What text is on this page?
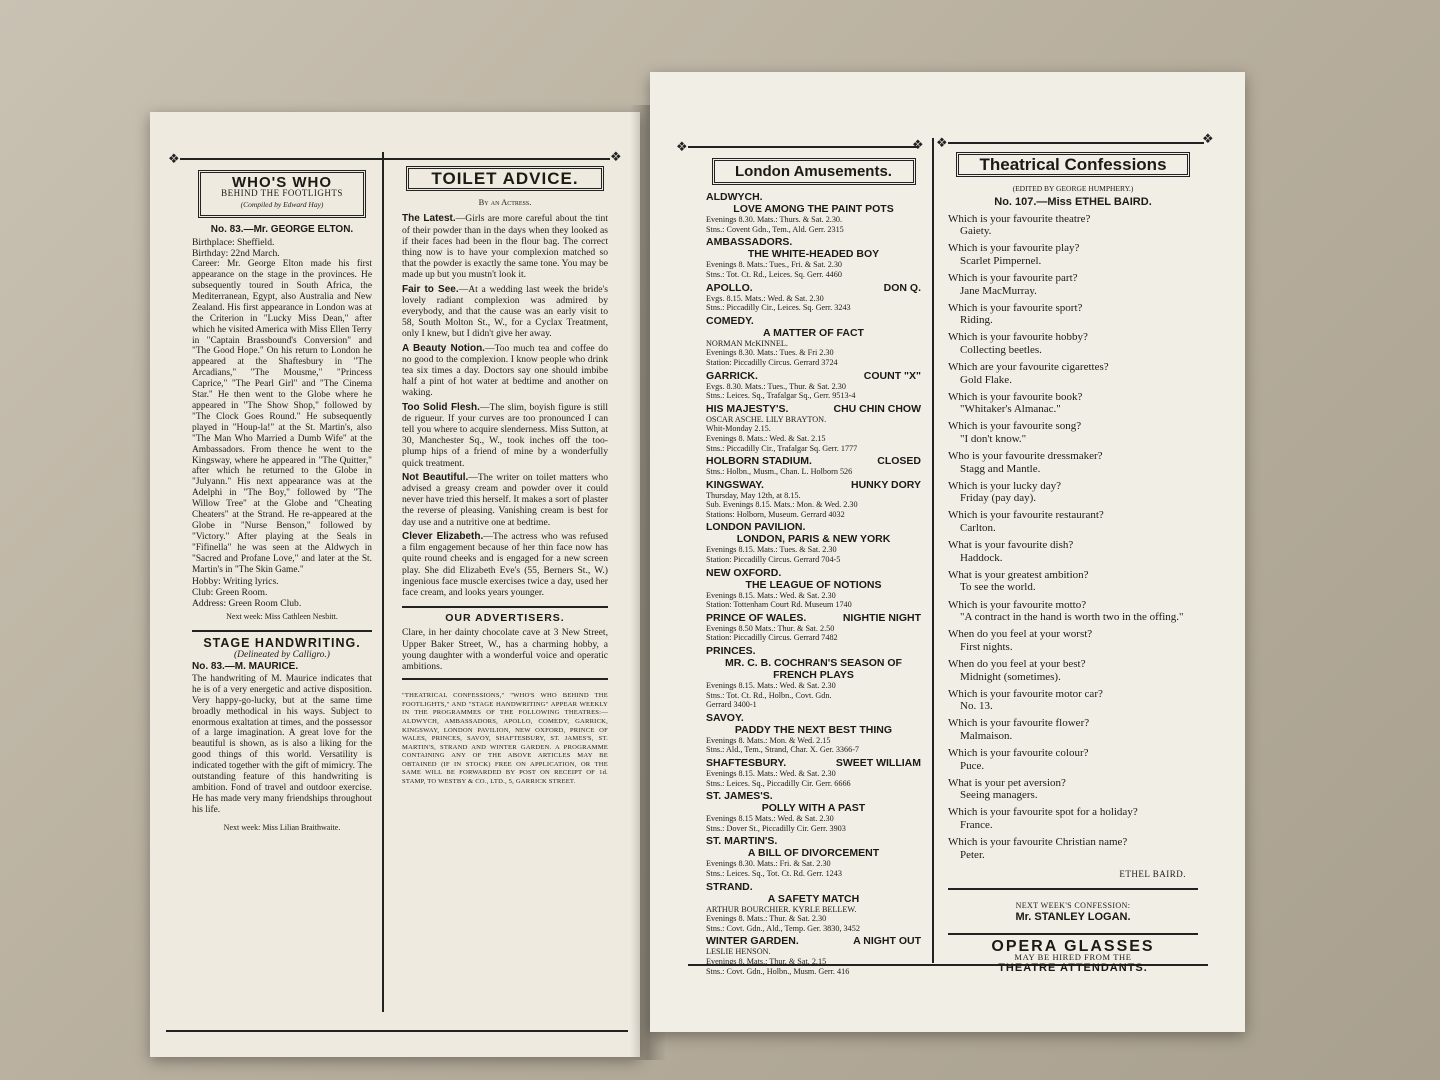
❖	❖
WHO'S WHO
BEHIND THE FOOTLIGHTS
(Compiled by Edward Hay)
No. 83.—Mr. GEORGE ELTON.

Birthplace: Sheffield.

Birthday: 22nd March.

Career: Mr. George Elton made his first appearance on the stage in the provinces. He subsequently toured in South Africa, the Mediterranean, Egypt, also Australia and New Zealand. His first appearance in London was at the Criterion in "Lucky Miss Dean," after which he visited America with Miss Ellen Terry in "Captain Brassbound's Conversion" and "The Good Hope." On his return to London he appeared at the Shaftesbury in "The Arcadians," "The Mousme," "Princess Caprice," "The Pearl Girl" and "The Cinema Star." He then went to the Globe where he appeared in "The Show Shop," followed by "The Clock Goes Round." He subsequently played in "Houp-la!" at the St. Martin's, also "The Man Who Married a Dumb Wife" at the Ambassadors. From thence he went to the Kingsway, where he appeared in "The Quitter," after which he returned to the Globe in "Julyann." His next appearance was at the Adelphi in "The Boy," followed by "The Willow Tree" at the Globe and "Cheating Cheaters" at the Strand. He re-appeared at the Globe in "Nurse Benson," followed by "Victory." After playing at the Seals in "Fifinella" he was seen at the Aldwych in "Sacred and Profane Love," and later at the St. Martin's in "The Skin Game."

Hobby: Writing lyrics.

Club: Green Room.

Address: Green Room Club.

Next week: Miss Cathleen Nesbitt.

STAGE HANDWRITING.
(Delineated by Calligro.)
No. 83.—M. MAURICE.

The handwriting of M. Maurice indicates that he is of a very energetic and active disposition. Very happy-go-lucky, but at the same time broadly methodical in his ways. Subject to enormous exaltation at times, and the possessor of a large imagination. A great love for the beautiful is shown, as is also a liking for the good things of this world. Versatility is indicated together with the gift of mimicry. The outstanding feature of this handwriting is ambition. Fond of travel and outdoor exercise. He has made very many friendships throughout his life.

Next week: Miss Lilian Braithwaite.

TOILET ADVICE.
By an Actress.

The Latest.—Girls are more careful about the tint of their powder than in the days when they looked as if their faces had been in the flour bag. The correct thing now is to have your complexion matched so that the powder is exactly the same tone. You may be made up but you mustn't look it.

Fair to See.—At a wedding last week the bride's lovely radiant complexion was admired by everybody, and that the cause was an early visit to 58, South Molton St., W., for a Cyclax Treatment, only I knew, but I didn't give her away.

A Beauty Notion.—Too much tea and coffee do no good to the complexion. I know people who drink tea six times a day. Doctors say one should imbibe half a pint of hot water at bedtime and another on waking.

Too Solid Flesh.—The slim, boyish figure is still de rigueur. If your curves are too pronounced I can tell you where to acquire slenderness. Miss Sutton, at 30, Manchester Sq., W., took inches off the too-plump hips of a friend of mine by a wonderfully quick treatment.

Not Beautiful.—The writer on toilet matters who advised a greasy cream and powder over it could never have tried this herself. It makes a sort of plaster the reverse of pleasing. Vanishing cream is best for day use and a nutritive one at bedtime.

Clever Elizabeth.—The actress who was refused a film engagement because of her thin face now has quite round cheeks and is engaged for a new screen play. She did Elizabeth Eve's (55, Berners St., W.) ingenious face muscle exercises twice a day, used her face cream, and looks years younger.

OUR ADVERTISERS.

Clare, in her dainty chocolate cave at 3 New Street, Upper Baker Street, W., has a charming hobby, a young daughter with a wonderful voice and operatic ambitions.

"THEATRICAL CONFESSIONS," "WHO'S WHO BEHIND THE FOOTLIGHTS," AND "STAGE HANDWRITING" APPEAR WEEKLY IN THE PROGRAMMES OF THE FOLLOWING THEATRES:—ALDWYCH, AMBASSADORS, APOLLO, COMEDY, GARRICK, KINGSWAY, LONDON PAVILION, NEW OXFORD, PRINCE OF WALES, PRINCES, SAVOY, SHAFTESBURY, ST. JAMES'S, ST. MARTIN'S, STRAND AND WINTER GARDEN. A PROGRAMME CONTAINING ANY OF THE ABOVE ARTICLES MAY BE OBTAINED (IF IN STOCK) FREE ON APPLICATION, OR THE SAME WILL BE FORWARDED BY POST ON RECEIPT OF 1d. STAMP, TO WESTBY & CO., LTD., 5, GARRICK STREET.

❖	❖ ❖	❖
London Amusements.
ALDWYCH.
LOVE AMONG THE PAINT POTS
Evenings 8.30. Mats.: Thurs. & Sat. 2.30.
Stns.: Covent Gdn., Tem., Ald. Gerr. 2315
AMBASSADORS.
THE WHITE-HEADED BOY
Evenings 8. Mats.: Tues., Fri. & Sat. 2.30
Stns.: Tot. Ct. Rd., Leices. Sq. Gerr. 4460
APOLLO.	DON Q.
Evgs. 8.15. Mats.: Wed. & Sat. 2.30
Stns.: Piccadilly Cir., Leices. Sq. Gerr. 3243
COMEDY.
A MATTER OF FACT
NORMAN McKINNEL.
Evenings 8.30. Mats.: Tues. & Fri 2.30
Station: Piccadilly Circus. Gerrard 3724
GARRICK.	COUNT "X"
Evgs. 8.30. Mats.: Tues., Thur. & Sat. 2.30
Stns.: Leices. Sq., Trafalgar Sq., Gerr. 9513-4
HIS MAJESTY'S.	CHU CHIN CHOW
OSCAR ASCHE. LILY BRAYTON.
Whit-Monday 2.15.
Evenings 8. Mats.: Wed. & Sat. 2.15
Stns.: Piccadilly Cir., Trafalgar Sq. Gerr. 1777
HOLBORN STADIUM.	CLOSED
Stns.: Holbn., Musm., Chan. L. Holborn 526
KINGSWAY.	HUNKY DORY
Thursday, May 12th, at 8.15.
Sub. Evenings 8.15. Mats.: Mon. & Wed. 2.30
Stations: Holborn, Museum. Gerrard 4032
LONDON PAVILION.
LONDON, PARIS & NEW YORK
Evenings 8.15. Mats.: Tues. & Sat. 2.30
Station: Piccadilly Circus. Gerrard 704-5
NEW OXFORD.
THE LEAGUE OF NOTIONS
Evenings 8.15. Mats.: Wed. & Sat. 2.30
Station: Tottenham Court Rd. Museum 1740
PRINCE OF WALES.	NIGHTIE NIGHT
Evenings 8.50 Mats.: Thur. & Sat. 2.50
Station: Piccadilly Circus. Gerrard 7482
PRINCES.
MR. C. B. COCHRAN'S SEASON OF FRENCH PLAYS
Evenings 8.15. Mats.: Wed. & Sat. 2.30
Stns.: Tot. Ct. Rd., Holbn., Covt. Gdn.
Gerrard 3400-1
SAVOY.
PADDY THE NEXT BEST THING
Evenings 8. Mats.: Mon. & Wed. 2.15
Stns.: Ald., Tem., Strand, Char. X. Ger. 3366-7
SHAFTESBURY.	SWEET WILLIAM
Evenings 8.15. Mats.: Wed. & Sat. 2.30
Stns.: Leices. Sq., Piccadilly Cir. Gerr. 6666
ST. JAMES'S.
POLLY WITH A PAST
Evenings 8.15 Mats.: Wed. & Sat. 2.30
Stns.: Dover St., Piccadilly Cir. Gerr. 3903
ST. MARTIN'S.
A BILL OF DIVORCEMENT
Evenings 8.30. Mats.: Fri. & Sat. 2.30
Stns.: Leices. Sq., Tot. Ct. Rd. Gerr. 1243
STRAND.
A SAFETY MATCH
ARTHUR BOURCHIER. KYRLE BELLEW.
Evenings 8. Mats.: Thur. & Sat. 2.30
Stns.: Covt. Gdn., Ald., Temp. Ger. 3830, 3452
WINTER GARDEN.	A NIGHT OUT
LESLIE HENSON.
Evenings 8. Mats.: Thur. & Sat. 2.15
Stns.: Covt. Gdn., Holbn., Musm. Gerr. 416
Theatrical Confessions
(EDITED BY GEORGE HUMPHERY.)
No. 107.—Miss ETHEL BAIRD.
Which is your favourite theatre?
Gaiety.
Which is your favourite play?
Scarlet Pimpernel.
Which is your favourite part?
Jane MacMurray.
Which is your favourite sport?
Riding.
Which is your favourite hobby?
Collecting beetles.
Which are your favourite cigarettes?
Gold Flake.
Which is your favourite book?
"Whitaker's Almanac."
Which is your favourite song?
"I don't know."
Who is your favourite dressmaker?
Stagg and Mantle.
Which is your lucky day?
Friday (pay day).
Which is your favourite restaurant?
Carlton.
What is your favourite dish?
Haddock.
What is your greatest ambition?
To see the world.
Which is your favourite motto?
"A contract in the hand is worth two in the offing."
When do you feel at your worst?
First nights.
When do you feel at your best?
Midnight (sometimes).
Which is your favourite motor car?
No. 13.
Which is your favourite flower?
Malmaison.
Which is your favourite colour?
Puce.
What is your pet aversion?
Seeing managers.
Which is your favourite spot for a holiday?
France.
Which is your favourite Christian name?
Peter.
ETHEL BAIRD.
NEXT WEEK'S CONFESSION:
Mr. STANLEY LOGAN.
OPERA GLASSES
MAY BE HIRED FROM THE
THEATRE ATTENDANTS.
